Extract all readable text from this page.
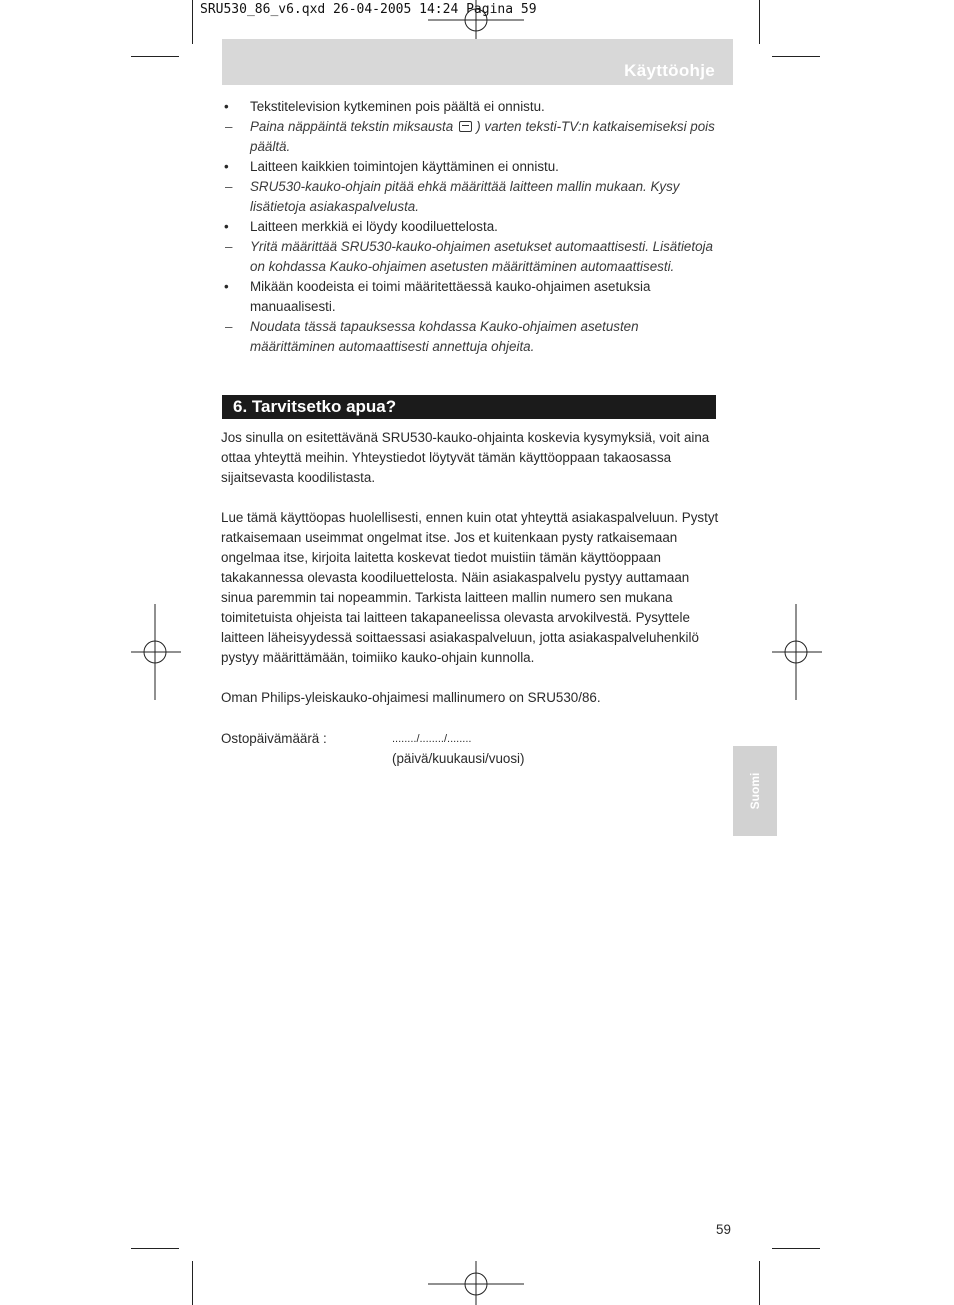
SRU530_86_v6.qxd 26-04-2005 14:24 Pagina 59
Käyttöohje
• Tekstitelevision kytkeminen pois päältä ei onnistu.
– Paina näppäintä tekstin miksausta ) varten teksti-TV:n katkaisemiseksi pois päältä.
• Laitteen kaikkien toimintojen käyttäminen ei onnistu.
– SRU530-kauko-ohjain pitää ehkä määrittää laitteen mallin mukaan. Kysy lisätietoja asiakaspalvelusta.
• Laitteen merkkiä ei löydy koodiluettelosta.
– Yritä määrittää SRU530-kauko-ohjaimen asetukset automaattisesti. Lisätietoja on kohdassa Kauko-ohjaimen asetusten määrittäminen automaattisesti.
• Mikään koodeista ei toimi määritettäessä kauko-ohjaimen asetuksia manuaalisesti.
– Noudata tässä tapauksessa kohdassa Kauko-ohjaimen asetusten määrittäminen automaattisesti annettuja ohjeita.
6. Tarvitsetko apua?

Jos sinulla on esitettävänä SRU530-kauko-ohjainta koskevia kysymyksiä, voit aina ottaa yhteyttä meihin. Yhteystiedot löytyvät tämän käyttöoppaan takaosassa sijaitsevasta koodilistasta.

Lue tämä käyttöopas huolellisesti, ennen kuin otat yhteyttä asiakaspalveluun. Pystyt ratkaisemaan useimmat ongelmat itse. Jos et kuitenkaan pysty ratkaisemaan ongelmaa itse, kirjoita laitetta koskevat tiedot muistiin tämän käyttöoppaan takakannessa olevasta koodiluettelosta. Näin asiakaspalvelu pystyy auttamaan sinua paremmin tai nopeammin. Tarkista laitteen mallin numero sen mukana toimitetuista ohjeista tai laitteen takapaneelissa olevasta arvokilvestä. Pysyttele laitteen läheisyydessä soittaessasi asiakaspalveluun, jotta asiakaspalveluhenkilö pystyy määrittämään, toimiiko kauko-ohjain kunnolla.

Oman Philips-yleiskauko-ohjaimesi mallinumero on SRU530/86.

Ostopäivämäärä :	......../......../........
(päivä/kuukausi/vuosi)
Suomi
59
